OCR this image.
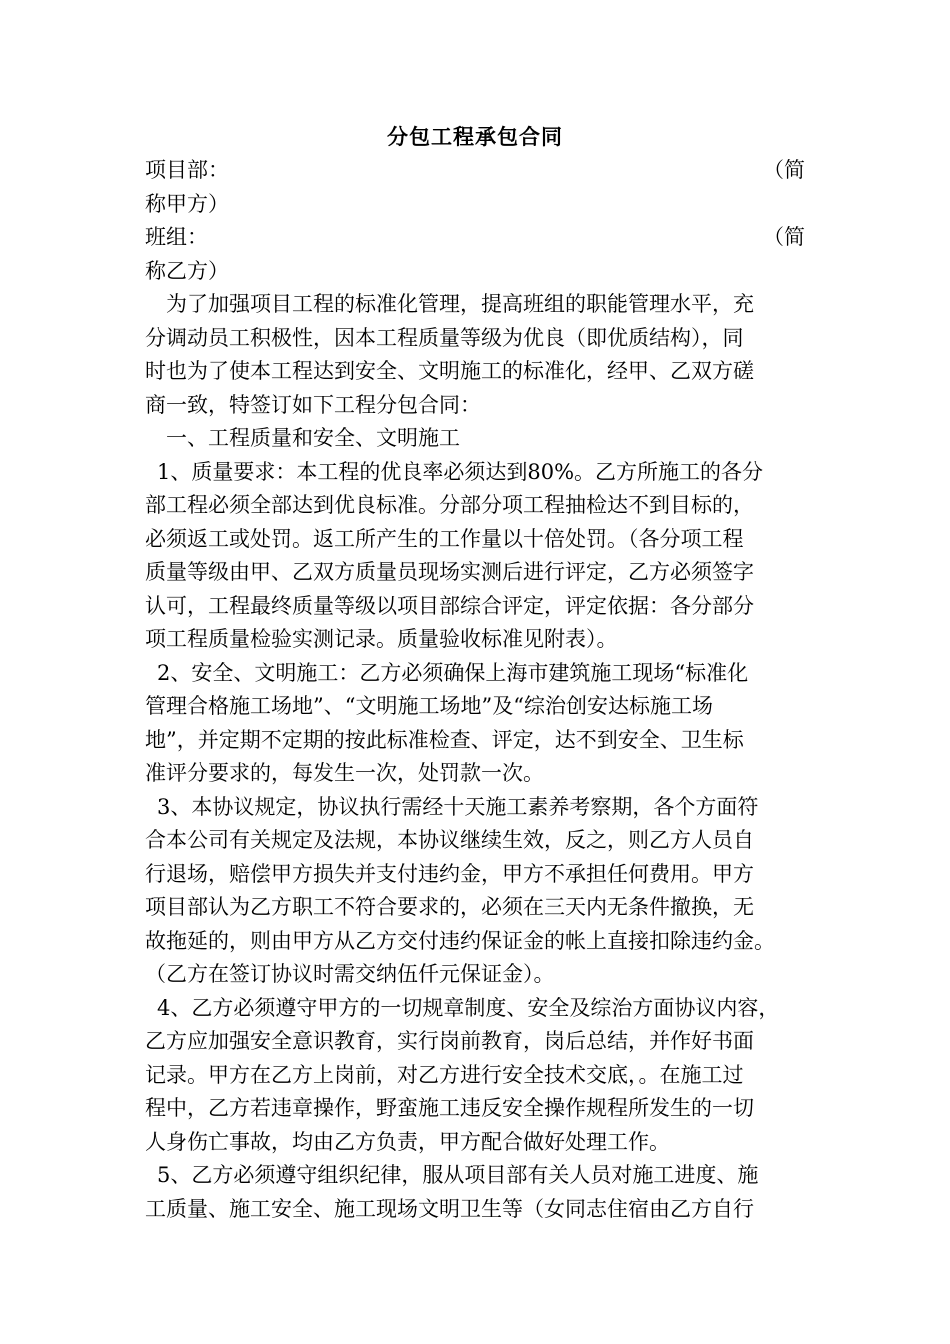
分包工程承包合同
项目部：	（简
称甲方）
班组：	（简
称乙方）
为了加强项目工程的标准化管理，提高班组的职能管理水平，充
分调动员工积极性，因本工程质量等级为优良（即优质结构），同
时也为了使本工程达到安全、文明施工的标准化，经甲、乙双方磋
商一致，特签订如下工程分包合同：
一、工程质量和安全、文明施工
1、质量要求：本工程的优良率必须达到80%。乙方所施工的各分
部工程必须全部达到优良标准。分部分项工程抽检达不到目标的，
必须返工或处罚。返工所产生的工作量以十倍处罚。（各分项工程
质量等级由甲、乙双方质量员现场实测后进行评定，乙方必须签字
认可，工程最终质量等级以项目部综合评定，评定依据：各分部分
项工程质量检验实测记录。质量验收标准见附表）。
2、安全、文明施工：乙方必须确保上海市建筑施工现场“标准化
管理合格施工场地”、“文明施工场地”及“综治创安达标施工场
地”，并定期不定期的按此标准检查、评定，达不到安全、卫生标
准评分要求的，每发生一次，处罚款一次。
3、本协议规定，协议执行需经十天施工素养考察期，各个方面符
合本公司有关规定及法规，本协议继续生效，反之，则乙方人员自
行退场，赔偿甲方损失并支付违约金，甲方不承担任何费用。甲方
项目部认为乙方职工不符合要求的，必须在三天内无条件撤换，无
故拖延的，则由甲方从乙方交付违约保证金的帐上直接扣除违约金。
（乙方在签订协议时需交纳伍仟元保证金）。
4、乙方必须遵守甲方的一切规章制度、安全及综治方面协议内容，
乙方应加强安全意识教育，实行岗前教育，岗后总结，并作好书面
记录。甲方在乙方上岗前，对乙方进行安全技术交底，。在施工过
程中，乙方若违章操作，野蛮施工违反安全操作规程所发生的一切
人身伤亡事故，均由乙方负责，甲方配合做好处理工作。
5、乙方必须遵守组织纪律，服从项目部有关人员对施工进度、施
工质量、施工安全、施工现场文明卫生等（女同志住宿由乙方自行
